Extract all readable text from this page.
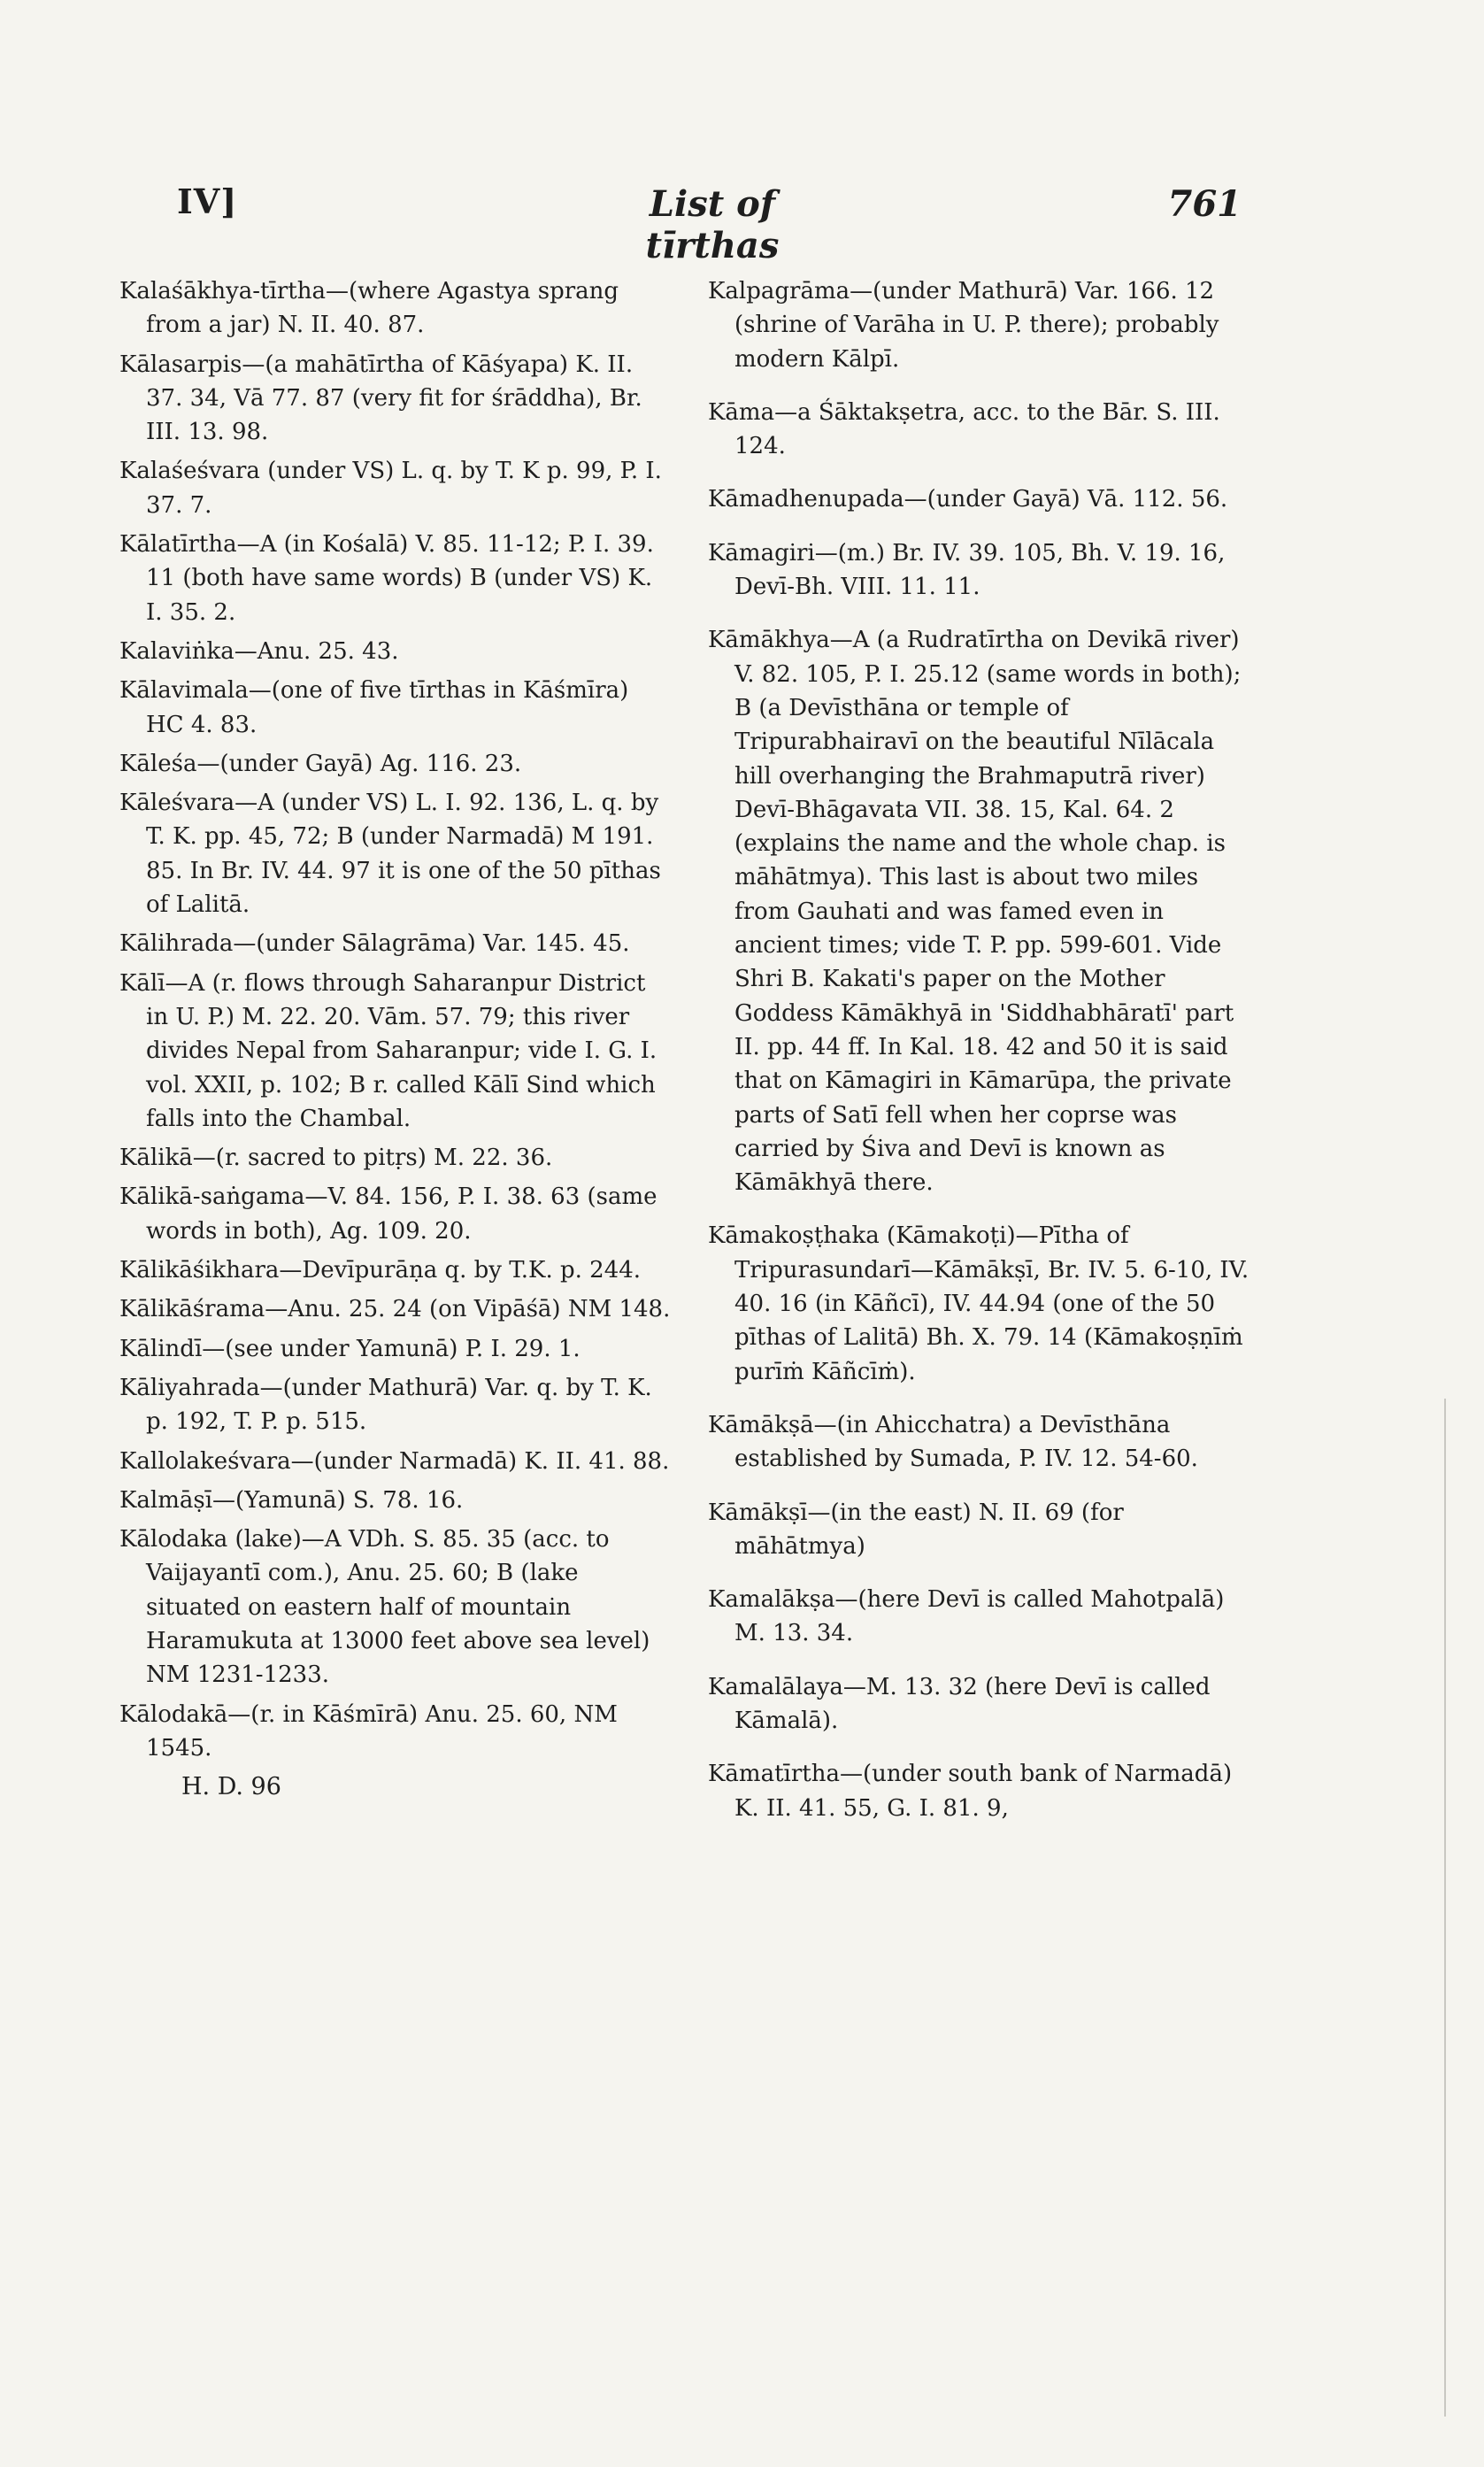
IV]	List of tīrthas
761

Kalaśākhya-tīrtha—(where Agastya sprang from a jar) N. II. 40. 87.

Kālasarpis—(a mahātīrtha of Kāśyapa) K. II. 37. 34, Vā 77. 87 (very fit for śrāddha), Br. III. 13. 98.

Kalaśeśvara (under VS) L. q. by T. K p. 99, P. I. 37. 7.

Kālatīrtha—A (in Kośalā) V. 85. 11-12; P. I. 39. 11 (both have same words) B (under VS) K. I. 35. 2.

Kalaviṅka—Anu. 25. 43.

Kālavimala—(one of five tīrthas in Kāśmīra) HC 4. 83.

Kāleśa—(under Gayā) Ag. 116. 23.

Kāleśvara—A (under VS) L. I. 92. 136, L. q. by T. K. pp. 45, 72; B (under Narmadā) M 191. 85. In Br. IV. 44. 97 it is one of the 50 pīthas of Lalitā.

Kālihrada—(under Sālagrāma) Var. 145. 45.

Kālī—A (r. flows through Saharanpur District in U. P.) M. 22. 20. Vām. 57. 79; this river divides Nepal from Saharanpur; vide I. G. I. vol. XXII, p. 102; B r. called Kālī Sind which falls into the Chambal.

Kālikā—(r. sacred to pitṛs) M. 22. 36.

Kālikā-saṅgama—V. 84. 156, P. I. 38. 63 (same words in both), Ag. 109. 20.

Kālikāśikhara—Devīpurāṇa q. by T.K. p. 244.

Kālikāśrama—Anu. 25. 24 (on Vipāśā) NM 148.

Kālindī—(see under Yamunā) P. I. 29. 1.

Kāliyahrada—(under Mathurā) Var. q. by T. K. p. 192, T. P. p. 515.

Kallolakeśvara—(under Narmadā) K. II. 41. 88.

Kalmāṣī—(Yamunā) S. 78. 16.

Kālodaka (lake)—A VDh. S. 85. 35 (acc. to Vaijayantī com.), Anu. 25. 60; B (lake situated on eastern half of mountain Haramukuta at 13000 feet above sea level) NM 1231-1233.

Kālodakā—(r. in Kāśmīrā) Anu. 25. 60, NM 1545.

H. D. 96

Kalpagrāma—(under Mathurā) Var. 166. 12 (shrine of Varāha in U. P. there); probably modern Kālpī.

Kāma—a Śāktakṣetra, acc. to the Bār. S. III. 124.

Kāmadhenupada—(under Gayā) Vā. 112. 56.

Kāmagiri—(m.) Br. IV. 39. 105, Bh. V. 19. 16, Devī-Bh. VIII. 11. 11.

Kāmākhya—A (a Rudratīrtha on Devikā river) V. 82. 105, P. I. 25.12 (same words in both); B (a Devīsthāna or temple of Tripurabhairavī on the beautiful Nīlācala hill overhanging the Brahmaputrā river) Devī-Bhāgavata VII. 38. 15, Kal. 64. 2 (explains the name and the whole chap. is māhātmya). This last is about two miles from Gauhati and was famed even in ancient times; vide T. P. pp. 599-601. Vide Shri B. Kakati's paper on the Mother Goddess Kāmākhyā in 'Siddhabhāratī' part II. pp. 44 ff. In Kal. 18. 42 and 50 it is said that on Kāmagiri in Kāmarūpa, the private parts of Satī fell when her coprse was carried by Śiva and Devī is known as Kāmākhyā there.

Kāmakoṣṭhaka (Kāmakoṭi)—Pītha of Tripurasundarī—Kāmākṣī, Br. IV. 5. 6-10, IV. 40. 16 (in Kāñcī), IV. 44.94 (one of the 50 pīthas of Lalitā) Bh. X. 79. 14 (Kāmakoṣṇīṁ purīṁ Kāñcīṁ).

Kāmākṣā—(in Ahicchatra) a Devīsthāna established by Sumada, P. IV. 12. 54-60.

Kāmākṣī—(in the east) N. II. 69 (for māhātmya)

Kamalākṣa—(here Devī is called Mahotpalā) M. 13. 34.

Kamalālaya—M. 13. 32 (here Devī is called Kāmalā).

Kāmatīrtha—(under south bank of Narmadā) K. II. 41. 55, G. I. 81. 9,
